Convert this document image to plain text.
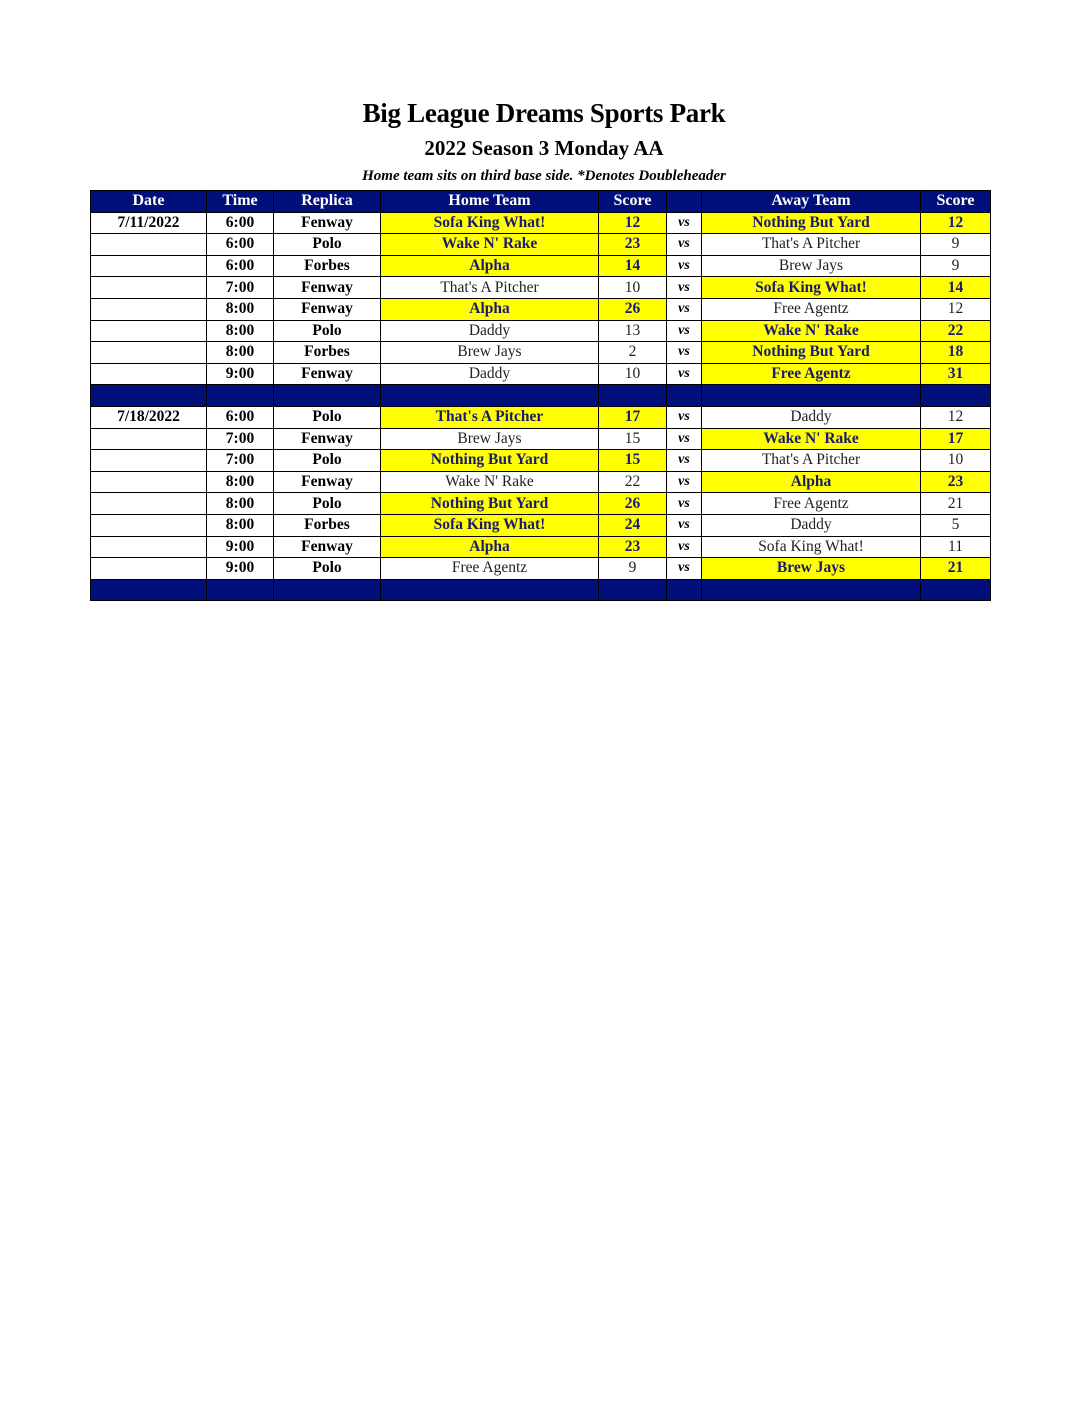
Big League Dreams Sports Park
2022 Season 3 Monday AA
Home team sits on third base side. *Denotes Doubleheader
Date	Time	Replica	Home Team	Score		Away Team	Score
7/11/2022	6:00	Fenway	Sofa King What!	12	vs	Nothing But Yard	12
	6:00	Polo	Wake N' Rake	23	vs	That's A Pitcher	9
	6:00	Forbes	Alpha	14	vs	Brew Jays	9
	7:00	Fenway	That's A Pitcher	10	vs	Sofa King What!	14
	8:00	Fenway	Alpha	26	vs	Free Agentz	12
	8:00	Polo	Daddy	13	vs	Wake N' Rake	22
	8:00	Forbes	Brew Jays	2	vs	Nothing But Yard	18
	9:00	Fenway	Daddy	10	vs	Free Agentz	31

7/18/2022	6:00	Polo	That's A Pitcher	17	vs	Daddy	12
	7:00	Fenway	Brew Jays	15	vs	Wake N' Rake	17
	7:00	Polo	Nothing But Yard	15	vs	That's A Pitcher	10
	8:00	Fenway	Wake N' Rake	22	vs	Alpha	23
	8:00	Polo	Nothing But Yard	26	vs	Free Agentz	21
	8:00	Forbes	Sofa King What!	24	vs	Daddy	5
	9:00	Fenway	Alpha	23	vs	Sofa King What!	11
	9:00	Polo	Free Agentz	9	vs	Brew Jays	21
